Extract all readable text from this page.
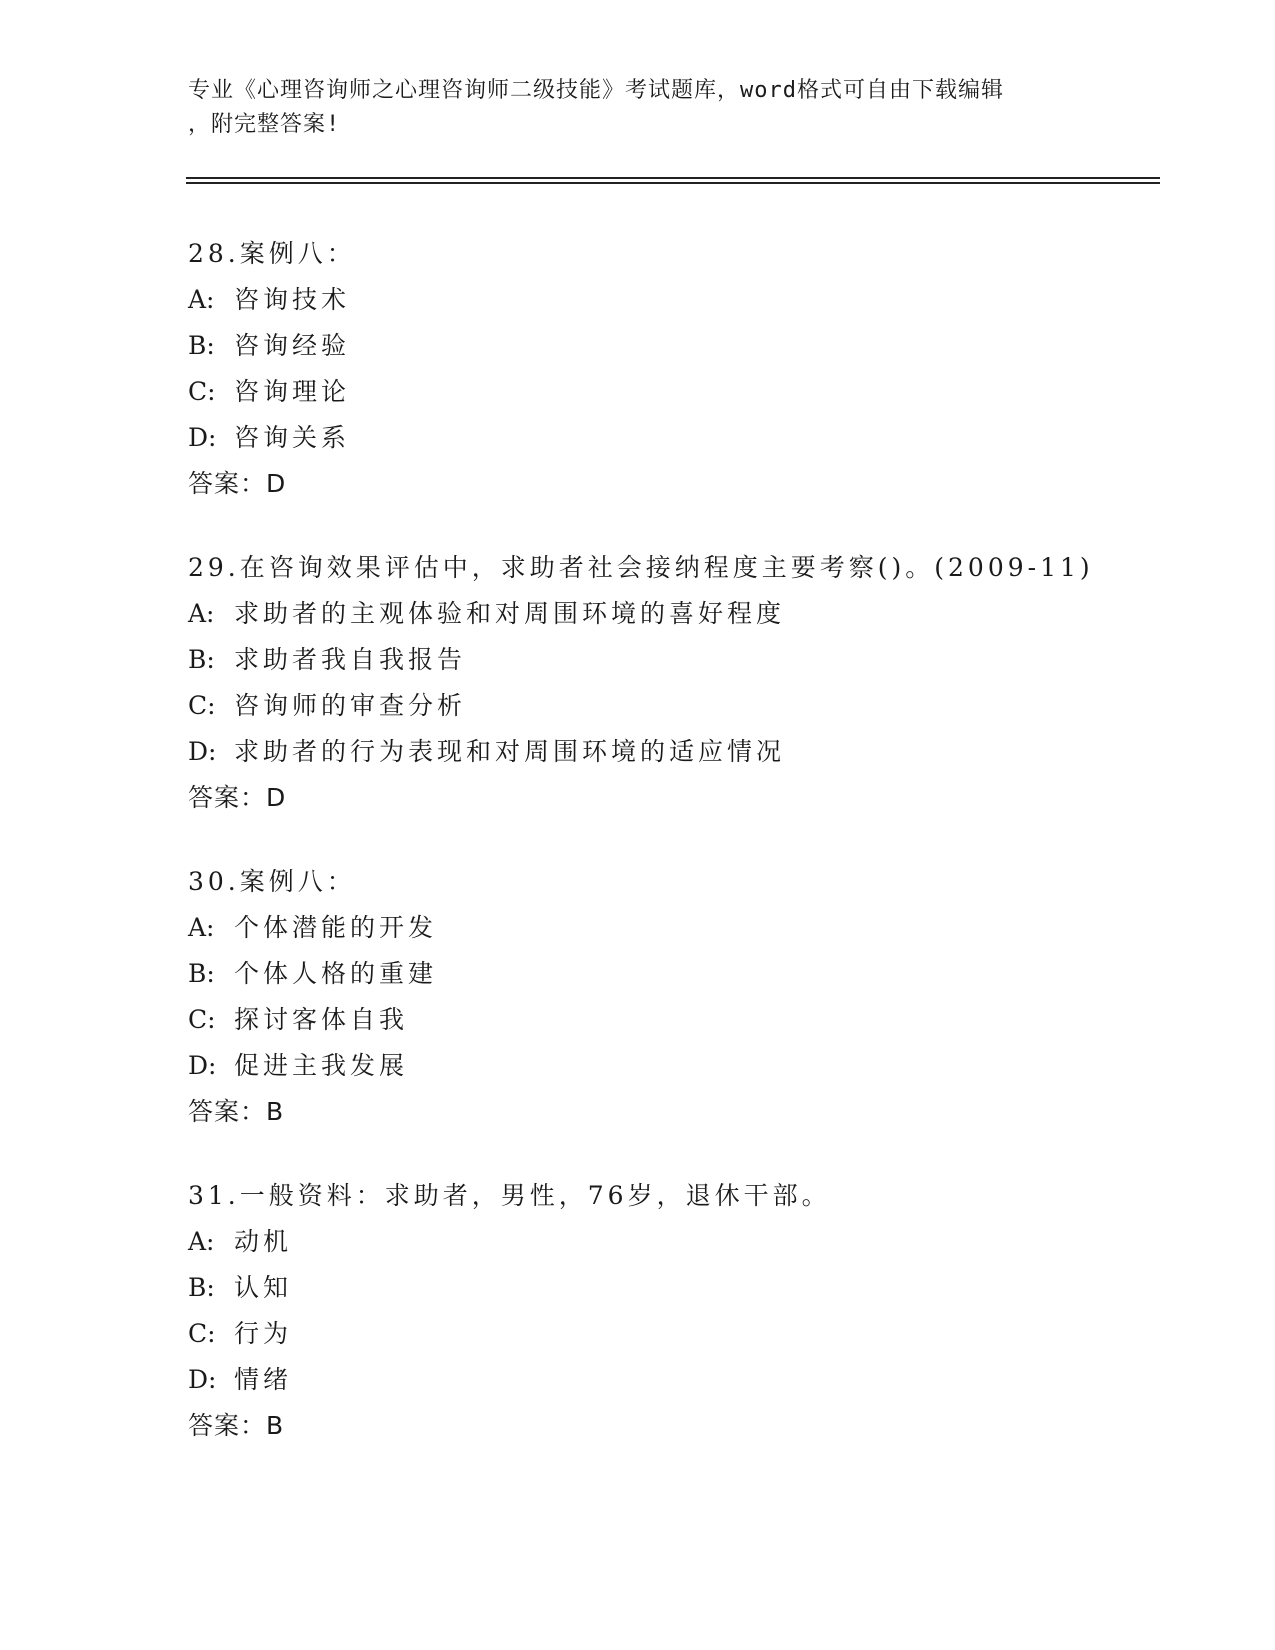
专业《心理咨询师之心理咨询师二级技能》考试题库，word格式可自由下载编辑
，附完整答案!
28.案例八：
A: 咨询技术
B: 咨询经验
C: 咨询理论
D: 咨询关系
答案：D
29.在咨询效果评估中，求助者社会接纳程度主要考察()。(2009-11)
A: 求助者的主观体验和对周围环境的喜好程度
B: 求助者我自我报告
C: 咨询师的审查分析
D: 求助者的行为表现和对周围环境的适应情况
答案：D
30.案例八：
A: 个体潜能的开发
B: 个体人格的重建
C: 探讨客体自我
D: 促进主我发展
答案：B
31.一般资料：求助者，男性，76岁，退休干部。
A: 动机
B: 认知
C: 行为
D: 情绪
答案：B
